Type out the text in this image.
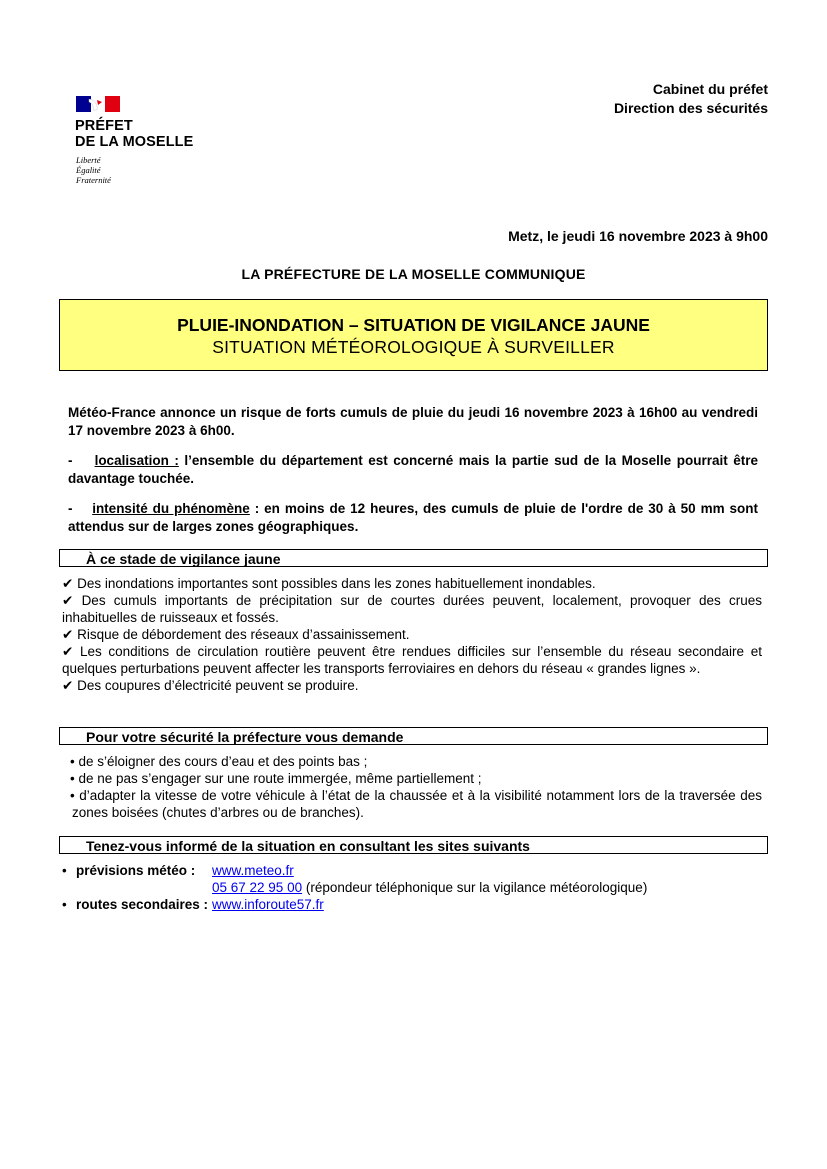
PRÉFET
DE LA MOSELLE
Liberté
Égalité
Fraternité
Cabinet du préfet
Direction des sécurités
Metz, le jeudi 16 novembre 2023 à 9h00
LA PRÉFECTURE DE LA MOSELLE COMMUNIQUE
PLUIE-INONDATION – SITUATION DE VIGILANCE JAUNE
SITUATION MÉTÉOROLOGIQUE À SURVEILLER

Météo-France annonce un risque de forts cumuls de pluie du jeudi 16 novembre 2023 à 16h00 au vendredi 17 novembre 2023 à 6h00.

-    localisation : l’ensemble du département est concerné mais la partie sud de la Moselle pourrait être davantage touchée.

-    intensité du phénomène : en moins de 12 heures, des cumuls de pluie de l'ordre de 30 à 50 mm sont attendus sur de larges zones géographiques.

À ce stade de vigilance jaune

✔ Des inondations importantes sont possibles dans les zones habituellement inondables.

✔ Des cumuls importants de précipitation sur de courtes durées peuvent, localement, provoquer des crues inhabituelles de ruisseaux et fossés.

✔ Risque de débordement des réseaux d’assainissement.

✔ Les conditions de circulation routière peuvent être rendues difficiles sur l’ensemble du réseau secondaire et quelques perturbations peuvent affecter les transports ferroviaires en dehors du réseau « grandes lignes ».

✔ Des coupures d’électricité peuvent se produire.

Pour votre sécurité la préfecture vous demande

• de s’éloigner des cours d’eau et des points bas ;

• de ne pas s’engager sur une route immergée, même partiellement ;

• d’adapter la vitesse de votre véhicule à l’état de la chaussée et à la visibilité notamment lors de la traversée des zones boisées (chutes d’arbres ou de branches).

Tenez-vous informé de la situation en consultant les sites suivants
• prévisions météo : www.meteo.fr
05 67 22 95 00 (répondeur téléphonique sur la vigilance météorologique)
• routes secondaires : www.inforoute57.fr
